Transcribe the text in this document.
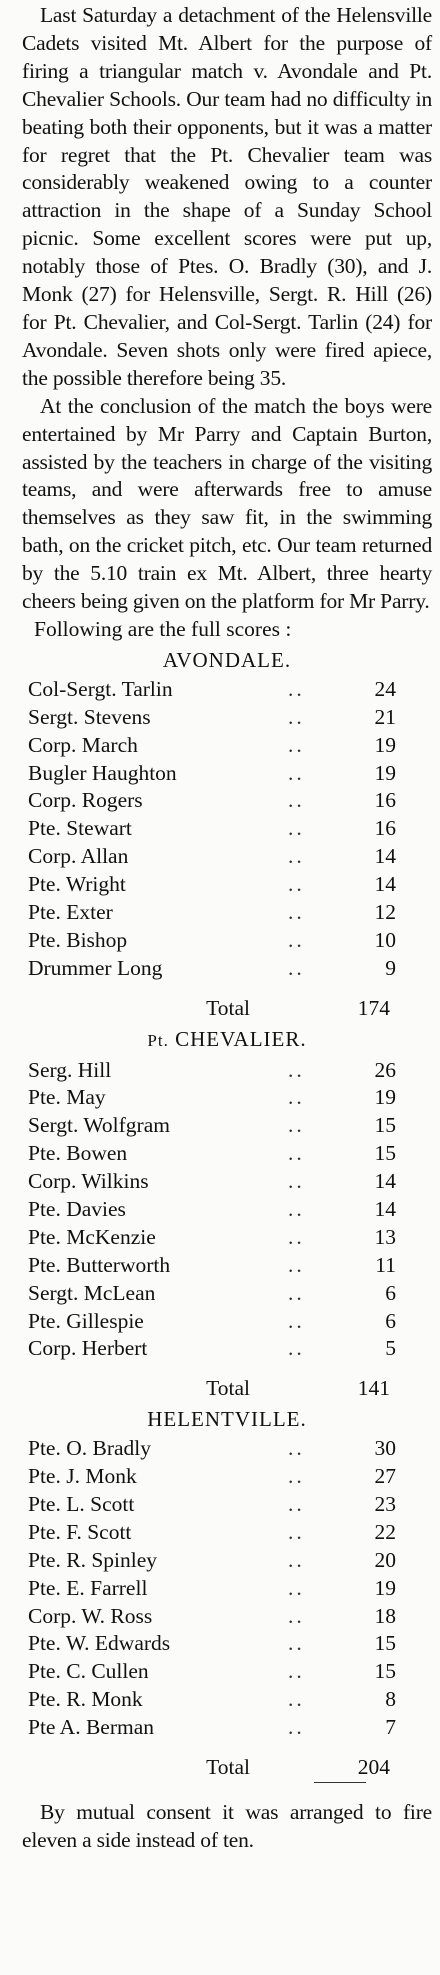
Last Saturday a detachment of the Helensville Cadets visited Mt. Albert for the purpose of firing a triangular match v. Avondale and Pt. Chevalier Schools. Our team had no difficulty in beating both their opponents, but it was a matter for regret that the Pt. Chevalier team was considerably weakened owing to a counter attraction in the shape of a Sunday School picnic. Some excellent scores were put up, notably those of Ptes. O. Bradly (30), and J. Monk (27) for Helensville, Sergt. R. Hill (26) for Pt. Chevalier, and Col-Sergt. Tarlin (24) for Avondale. Seven shots only were fired apiece, the possible therefore being 35.

At the conclusion of the match the boys were entertained by Mr Parry and Captain Burton, assisted by the teachers in charge of the visiting teams, and were afterwards free to amuse themselves as they saw fit, in the swimming bath, on the cricket pitch, etc. Our team returned by the 5.10 train ex Mt. Albert, three hearty cheers being given on the platform for Mr Parry.

Following are the full scores :

AVONDALE.
Col-Sergt. Tarlin	..	24
Sergt. Stevens	..	21
Corp. March	..	19
Bugler Haughton	..	19
Corp. Rogers	..	16
Pte. Stewart	..	16
Corp. Allan	..	14
Pte. Wright	..	14
Pte. Exter	..	12
Pte. Bishop	..	10
Drummer Long	..	9
Total	174
Pt. CHEVALIER.
Serg. Hill	..	26
Pte. May	..	19
Sergt. Wolfgram	..	15
Pte. Bowen	..	15
Corp. Wilkins	..	14
Pte. Davies	..	14
Pte. McKenzie	..	13
Pte. Butterworth	..	11
Sergt. McLean	..	6
Pte. Gillespie	..	6
Corp. Herbert	..	5
Total	141
HELENTVILLE.
Pte. O. Bradly	..	30
Pte. J. Monk	..	27
Pte. L. Scott	..	23
Pte. F. Scott	..	22
Pte. R. Spinley	..	20
Pte. E. Farrell	..	19
Corp. W. Ross	..	18
Pte. W. Edwards	..	15
Pte. C. Cullen	..	15
Pte. R. Monk	..	8
Pte A. Berman	..	7
Total	204

By mutual consent it was arranged to fire eleven a side instead of ten.
